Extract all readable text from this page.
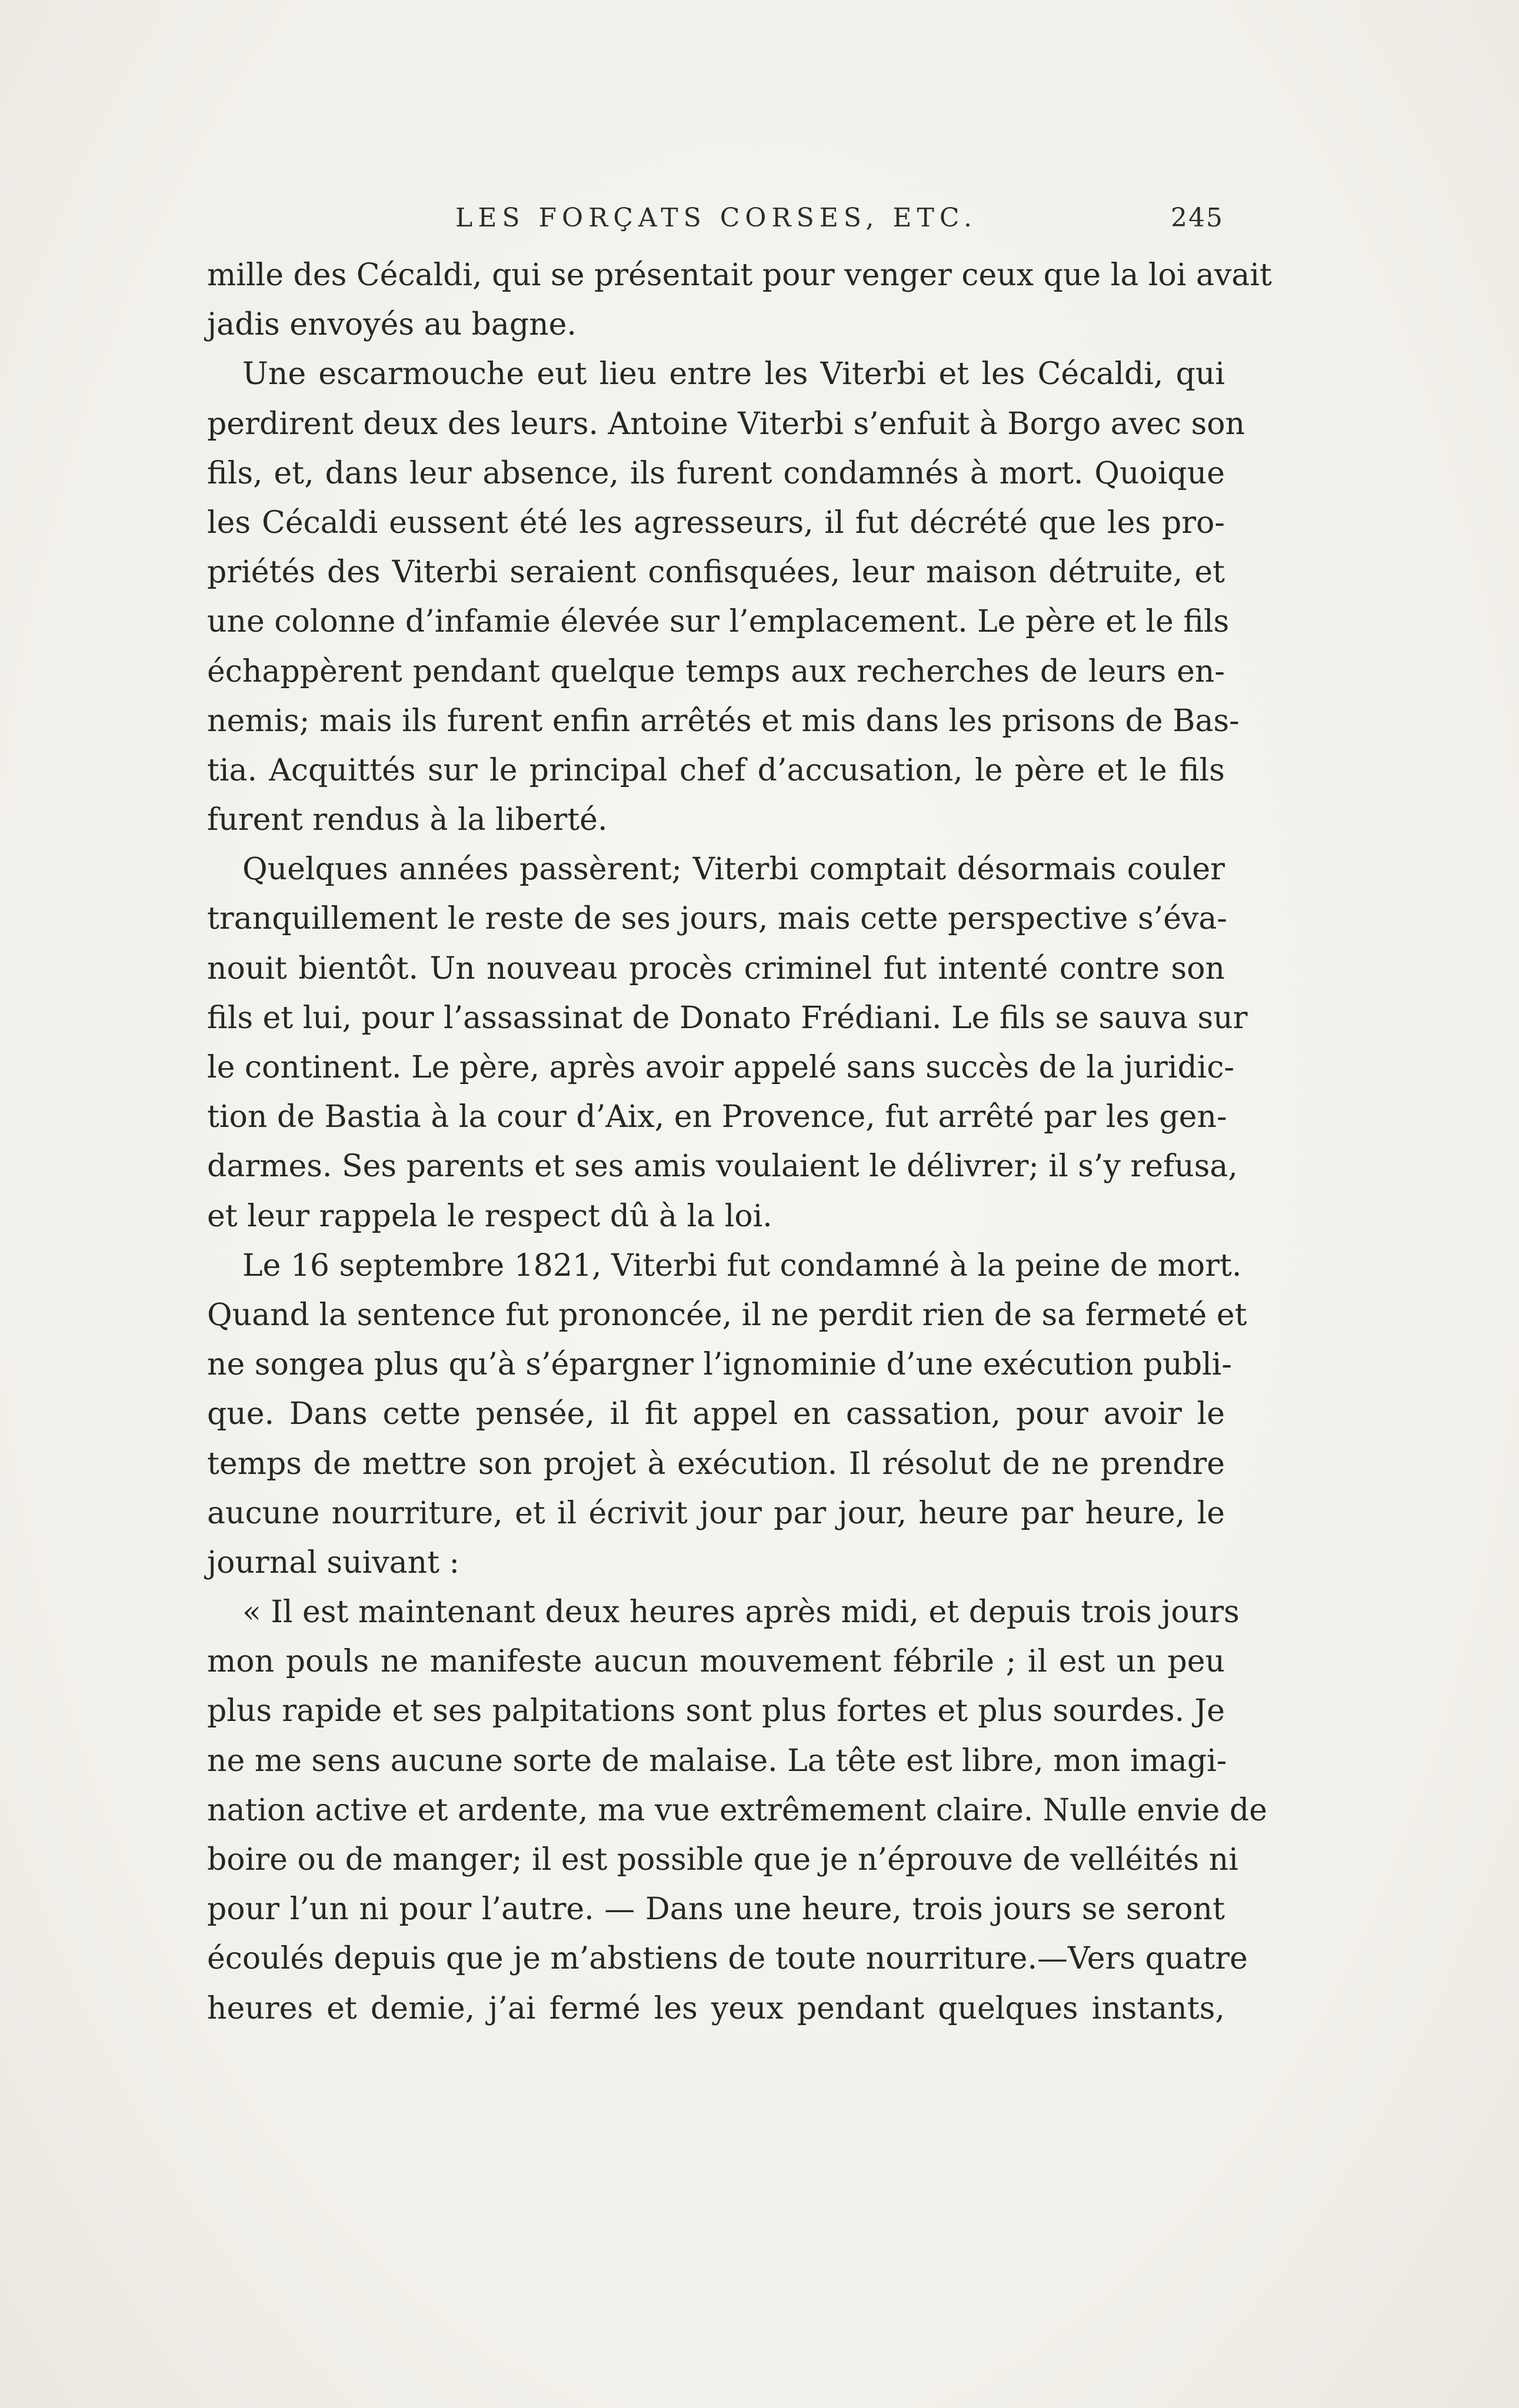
LES FORÇATS CORSES, ETC.	245
mille des Cécaldi, qui se présentait pour venger ceux que la loi avait
jadis envoyés au bagne.
Une escarmouche eut lieu entre les Viterbi et les Cécaldi, qui
perdirent deux des leurs. Antoine Viterbi s’enfuit à Borgo avec son
fils, et, dans leur absence, ils furent condamnés à mort. Quoique
les Cécaldi eussent été les agresseurs, il fut décrété que les pro-
priétés des Viterbi seraient confisquées, leur maison détruite, et
une colonne d’infamie élevée sur l’emplacement. Le père et le fils
échappèrent pendant quelque temps aux recherches de leurs en-
nemis; mais ils furent enfin arrêtés et mis dans les prisons de Bas-
tia. Acquittés sur le principal chef d’accusation, le père et le fils
furent rendus à la liberté.
Quelques années passèrent; Viterbi comptait désormais couler
tranquillement le reste de ses jours, mais cette perspective s’éva-
nouit bientôt. Un nouveau procès criminel fut intenté contre son
fils et lui, pour l’assassinat de Donato Frédiani. Le fils se sauva sur
le continent. Le père, après avoir appelé sans succès de la juridic-
tion de Bastia à la cour d’Aix, en Provence, fut arrêté par les gen-
darmes. Ses parents et ses amis voulaient le délivrer; il s’y refusa,
et leur rappela le respect dû à la loi.
Le 16 septembre 1821, Viterbi fut condamné à la peine de mort.
Quand la sentence fut prononcée, il ne perdit rien de sa fermeté et
ne songea plus qu’à s’épargner l’ignominie d’une exécution publi-
que. Dans cette pensée, il fit appel en cassation, pour avoir le
temps de mettre son projet à exécution. Il résolut de ne prendre
aucune nourriture, et il écrivit jour par jour, heure par heure, le
journal suivant :
« Il est maintenant deux heures après midi, et depuis trois jours
mon pouls ne manifeste aucun mouvement fébrile ; il est un peu
plus rapide et ses palpitations sont plus fortes et plus sourdes. Je
ne me sens aucune sorte de malaise. La tête est libre, mon imagi-
nation active et ardente, ma vue extrêmement claire. Nulle envie de
boire ou de manger; il est possible que je n’éprouve de velléités ni
pour l’un ni pour l’autre. — Dans une heure, trois jours se seront
écoulés depuis que je m’abstiens de toute nourriture.—Vers quatre
heures et demie, j’ai fermé les yeux pendant quelques instants,
